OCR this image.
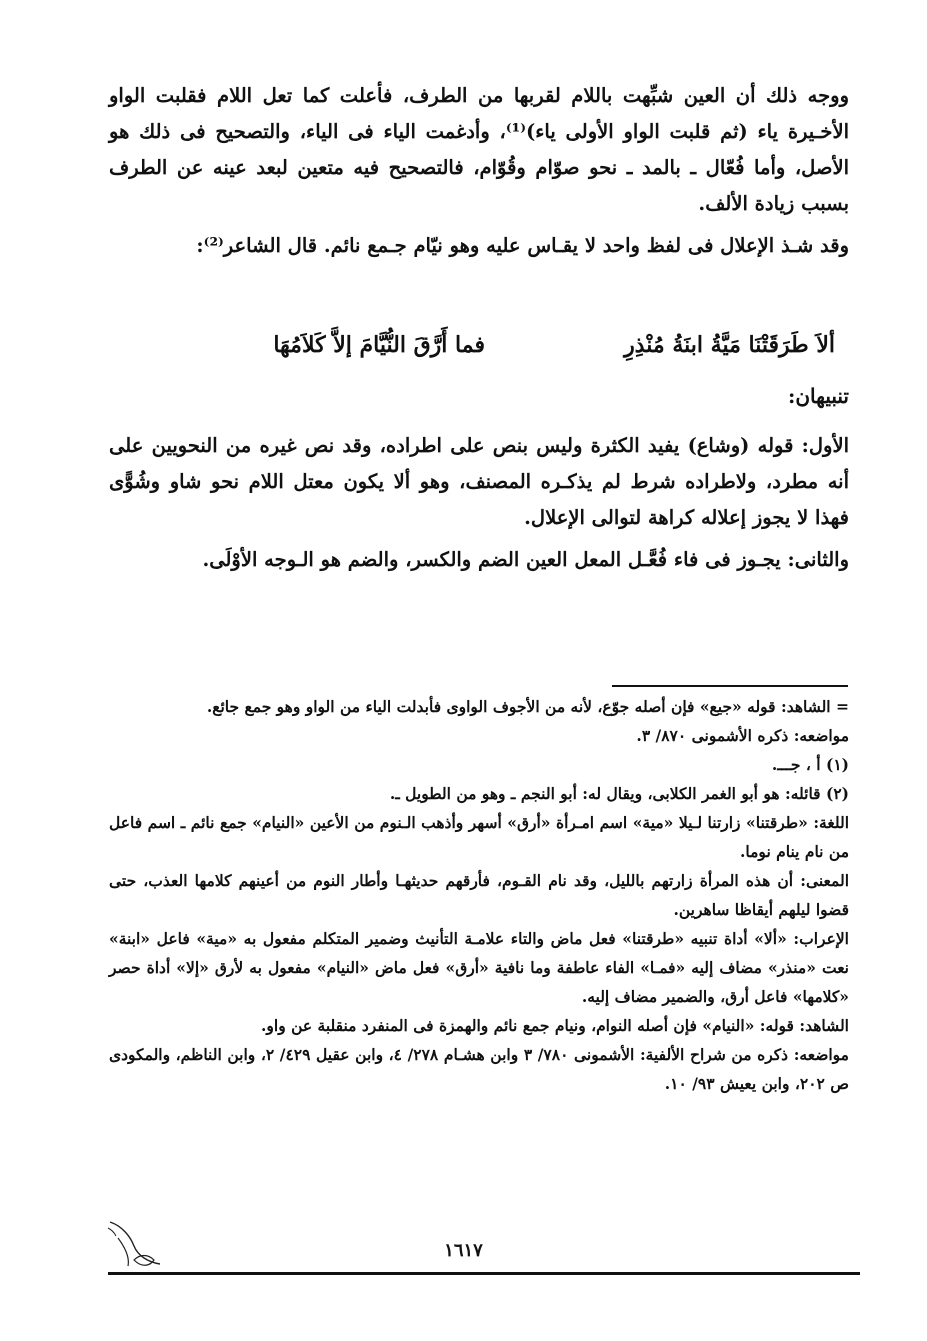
ووجه ذلك أن العين شبِّهت باللام لقربها من الطرف، فأعلت كما تعل اللام فقلبت الواو الأخـيرة ياء (ثم قلبت الواو الأولى ياء)⁽¹⁾، وأدغمت الياء فى الياء، والتصحيح فى ذلك هو الأصل، وأما فُعّال ـ بالمد ـ نحو صوّام وقُوّام، فالتصحيح فيه متعين لبعد عينه عن الطرف بسبب زيادة الألف.

وقد شـذ الإعلال فى لفظ واحد لا يقـاس عليه وهو نيّام جـمع نائم. قال الشاعر⁽²⁾:

ألاَ طَرَقَتْنَا مَيَّةُ ابنَةُ مُنْذِرِ
فما أَرَّقَ النُّيَّامَ إلاَّ كَلاَمُهَا
تنبيهان:

الأول: قوله (وشاع) يفيد الكثرة وليس بنص على اطراده، وقد نص غيره من النحويين على أنه مطرد، ولاطراده شرط لم يذكـره المصنف، وهو ألا يكون معتل اللام نحو شاو وشُوًّى فهذا لا يجوز إعلاله كراهة لتوالى الإعلال.

والثانى: يجـوز فى فاء فُعَّـل المعل العين الضم والكسر، والضم هو الـوجه الأوْلَى.

= الشاهد: قوله «جيع» فإن أصله جوّع، لأنه من الأجوف الواوى فأبدلت الياء من الواو وهو جمع جائع.

مواضعه: ذكره الأشمونى ٨٧٠/ ٣.

(١) أ ، جـــ.

(٢) قائله: هو أبو الغمر الكلابى، ويقال له: أبو النجم ـ وهو من الطويل ـ.

اللغة: «طرقتنا» زارتنا لـيلا «مية» اسم امـرأة «أرق» أسهر وأذهب الـنوم من الأعين «النيام» جمع نائم ـ اسم فاعل من نام ينام نوما.

المعنى: أن هذه المرأة زارتهم بالليل، وقد نام القـوم، فأرقهم حديثهـا وأطار النوم من أعينهم كلامها العذب، حتى قضوا ليلهم أيقاظا ساهرين.

الإعراب: «ألا» أداة تنبيه «طرقتنا» فعل ماض والتاء علامـة التأنيث وضمير المتكلم مفعول به «مية» فاعل «ابنة» نعت «منذر» مضاف إليه «فمـا» الفاء عاطفة وما نافية «أرق» فعل ماض «النيام» مفعول به لأرق «إلا» أداة حصر «كلامها» فاعل أرق، والضمير مضاف إليه.

الشاهد: قوله: «النيام» فإن أصله النوام، ونيام جمع نائم والهمزة فى المنفرد منقلبة عن واو.

مواضعه: ذكره من شراح الألفية: الأشمونى ٧٨٠/ ٣ وابن هشـام ٢٧٨/ ٤، وابن عقيل ٤٢٩/ ٢، وابن الناظم، والمكودى ص ٢٠٢، وابن يعيش ٩٣/ ١٠.

١٦١٧
